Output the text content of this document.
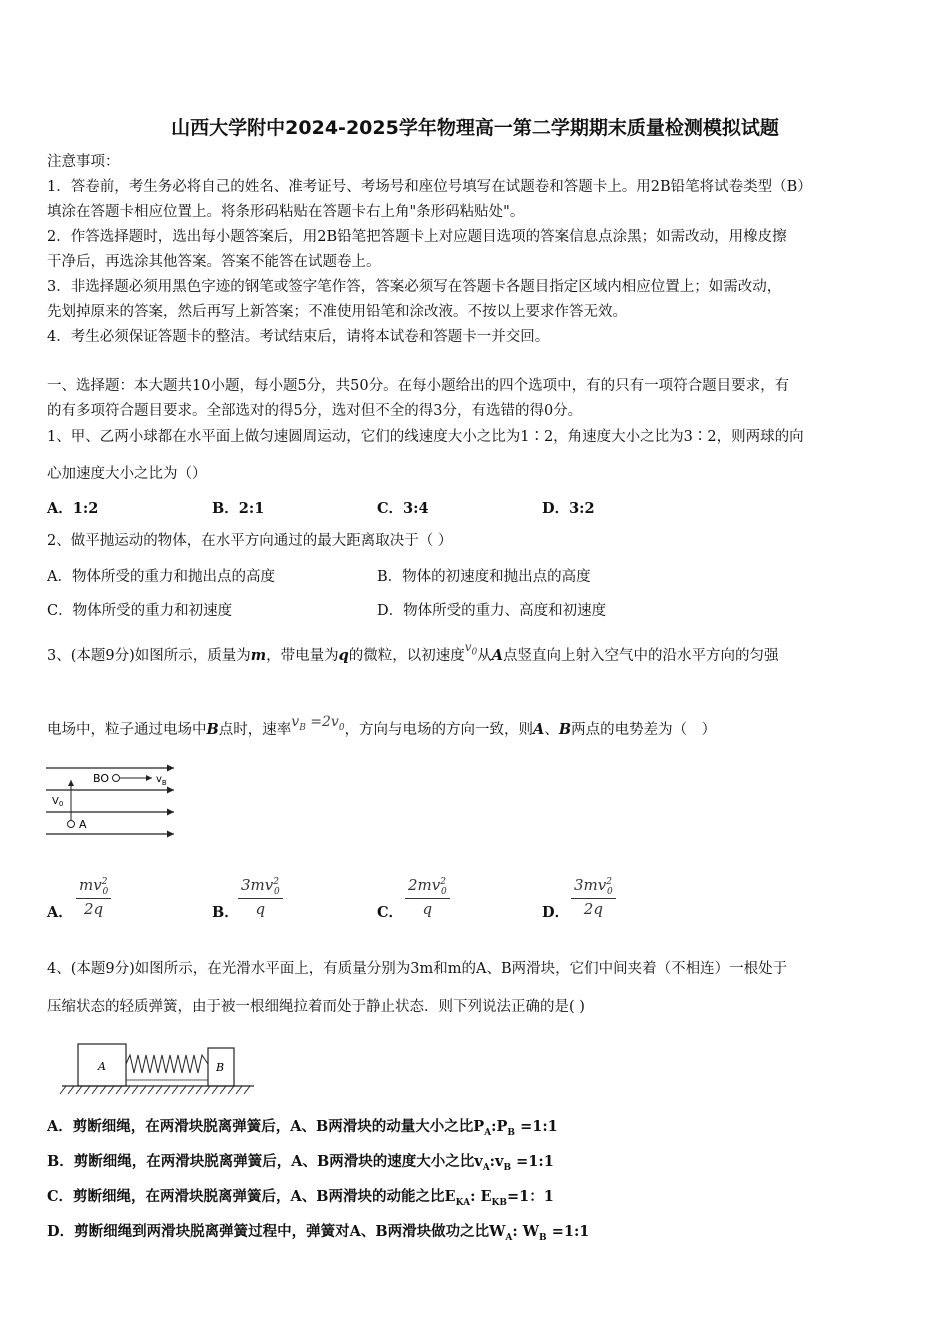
山西大学附中2024-2025学年物理高一第二学期期末质量检测模拟试题
注意事项：
1．答卷前，考生务必将自己的姓名、准考证号、考场号和座位号填写在试题卷和答题卡上。用2B铅笔将试卷类型（B）
填涂在答题卡相应位置上。将条形码粘贴在答题卡右上角"条形码粘贴处"。
2．作答选择题时，选出每小题答案后，用2B铅笔把答题卡上对应题目选项的答案信息点涂黑；如需改动，用橡皮擦
干净后，再选涂其他答案。答案不能答在试题卷上。
3．非选择题必须用黑色字迹的钢笔或签字笔作答，答案必须写在答题卡各题目指定区域内相应位置上；如需改动，
先划掉原来的答案，然后再写上新答案；不准使用铅笔和涂改液。不按以上要求作答无效。
4．考生必须保证答题卡的整洁。考试结束后，请将本试卷和答题卡一并交回。
一、选择题：本大题共10小题，每小题5分，共50分。在每小题给出的四个选项中，有的只有一项符合题目要求，有
的有多项符合题目要求。全部选对的得5分，选对但不全的得3分，有选错的得0分。
1、甲、乙两小球都在水平面上做匀速圆周运动，它们的线速度大小之比为1∶2，角速度大小之比为3∶2，则两球的向
心加速度大小之比为（）
A．1:2	B．2:1	C．3:4	D．3:2
2、做平抛运动的物体，在水平方向通过的最大距离取决于（ ）
A．物体所受的重力和抛出点的高度	B．物体的初速度和抛出点的高度
C．物体所受的重力和初速度	D．物体所受的重力、高度和初速度
3、(本题9分)如图所示，质量为m，带电量为q的微粒，以初速度$^{v_0}$从A点竖直向上射入空气中的沿水平方向的匀强
电场中，粒子通过电场中B点时，速率$v_B =2v_0$，方向与电场的方向一致，则A、B两点的电势差为（　）
BO	$v_B$
$V_0$
A
A． $\frac{mv^2_0}{2q}$	B． $\frac{3mv^2_0}{q}$	C． $\frac{2mv^2_0}{q}$	D． $\frac{3mv^2_0}{2q}$
4、(本题9分)如图所示，在光滑水平面上，有质量分别为3m和m的A、B两滑块，它们中间夹着（不相连）一根处于
压缩状态的轻质弹簧，由于被一根细绳拉着而处于静止状态．则下列说法正确的是( )
A	B
A．剪断细绳，在两滑块脱离弹簧后，A、B两滑块的动量大小之比$P_A:P_B$ =1:1
B．剪断细绳，在两滑块脱离弹簧后，A、B两滑块的速度大小之比$v_A:v_B$ =1:1
C．剪断细绳，在两滑块脱离弹簧后，A、B两滑块的动能之比$E_{KA}$: $E_{KB}=1$：1
D．剪断细绳到两滑块脱离弹簧过程中，弹簧对A、B两滑块做功之比$W_A$: $W_B$ =1:1
